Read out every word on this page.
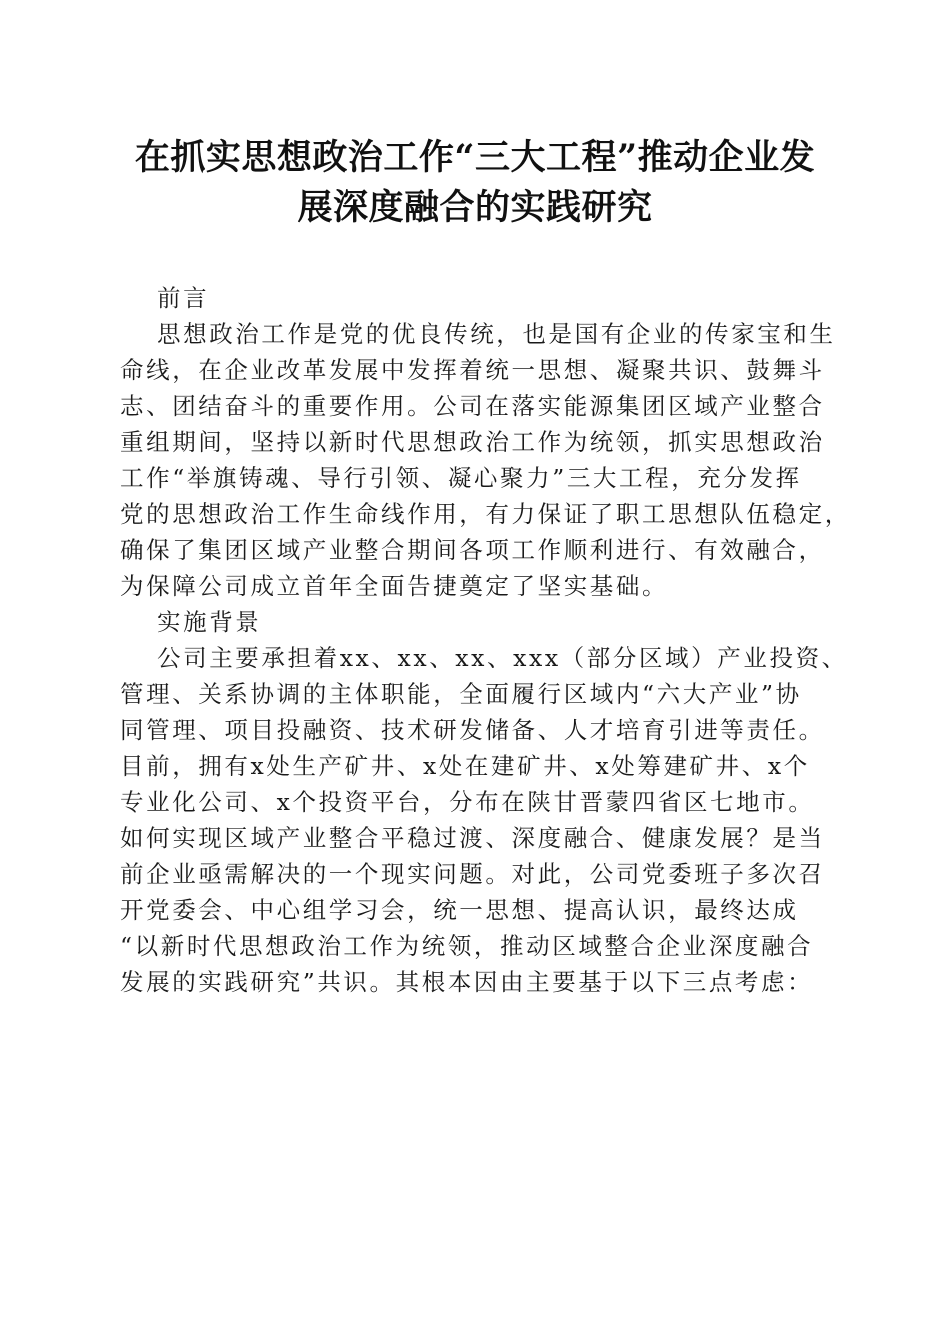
在抓实思想政治工作“三大工程”推动企业发
展深度融合的实践研究
前言
思想政治工作是党的优良传统，也是国有企业的传家宝和生
命线，在企业改革发展中发挥着统一思想、凝聚共识、鼓舞斗
志、团结奋斗的重要作用。公司在落实能源集团区域产业整合
重组期间，坚持以新时代思想政治工作为统领，抓实思想政治
工作“举旗铸魂、导行引领、凝心聚力”三大工程，充分发挥
党的思想政治工作生命线作用，有力保证了职工思想队伍稳定，
确保了集团区域产业整合期间各项工作顺利进行、有效融合，
为保障公司成立首年全面告捷奠定了坚实基础。
实施背景
公司主要承担着xx、xx、xx、xxx（部分区域）产业投资、
管理、关系协调的主体职能，全面履行区域内“六大产业”协
同管理、项目投融资、技术研发储备、人才培育引进等责任。
目前，拥有x处生产矿井、x处在建矿井、x处筹建矿井、x个
专业化公司、x个投资平台，分布在陕甘晋蒙四省区七地市。
如何实现区域产业整合平稳过渡、深度融合、健康发展？是当
前企业亟需解决的一个现实问题。对此，公司党委班子多次召
开党委会、中心组学习会，统一思想、提高认识，最终达成
“以新时代思想政治工作为统领，推动区域整合企业深度融合
发展的实践研究”共识。其根本因由主要基于以下三点考虑：
